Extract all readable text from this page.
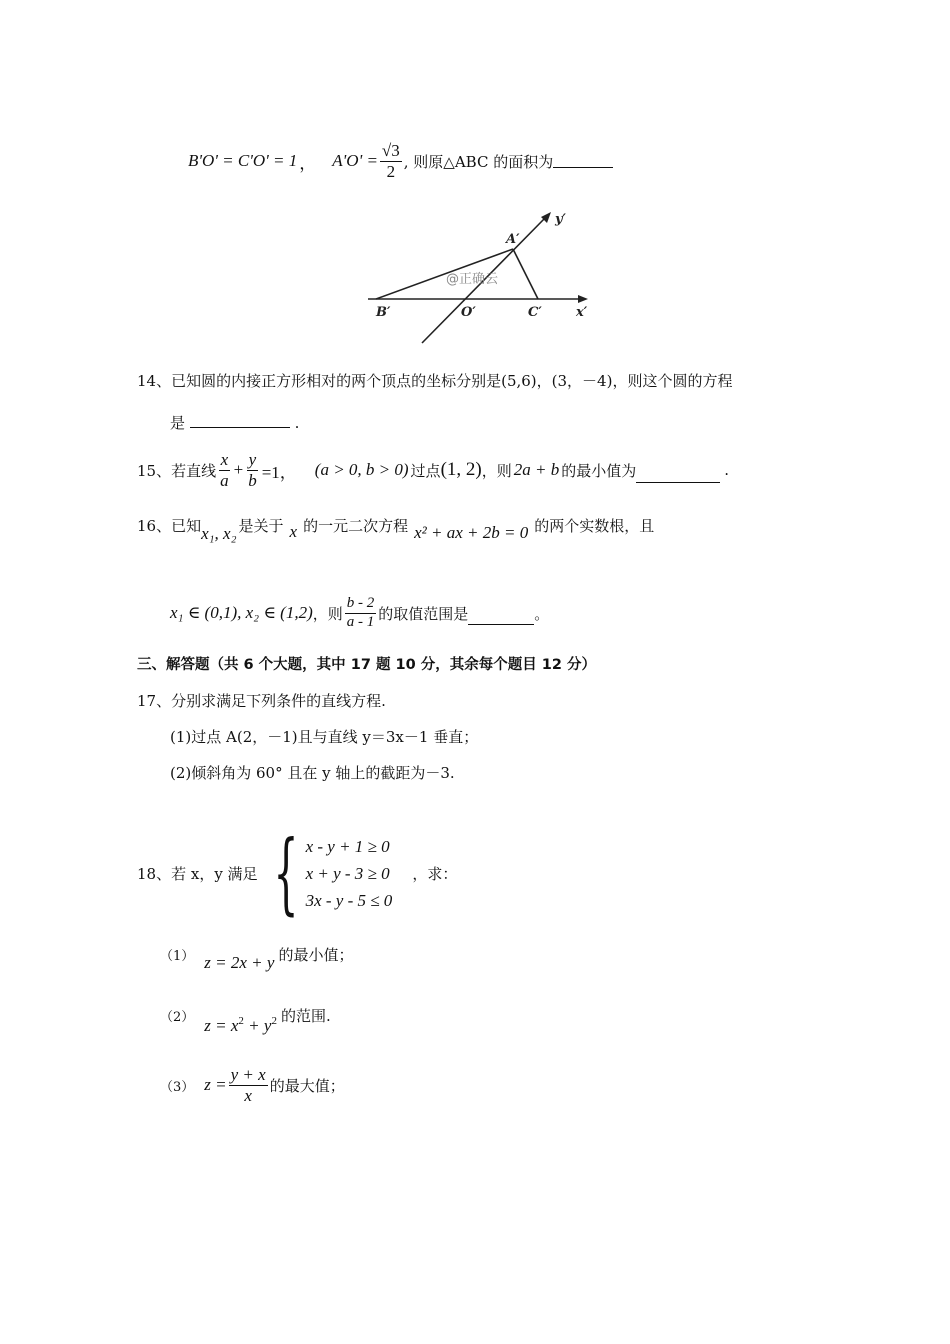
B'O' = C'O' = 1 ， $A'O' = \frac{√3}{2}$ , 则原△ABC 的面积为
y′
A′
B′	O′	C′	x′
@正确云
14、已知圆的内接正方形相对的两个顶点的坐标分别是(5,6)，(3，－4)，则这个圆的方程
是	.
15、若直线 $\frac{x}{a} + \frac{y}{b} =1$， (a > 0, b > 0) 过点 (1, 2) ，则 2a + b 的最小值为	.
16、已知 x₁, x₂ 是关于 x 的一元二次方程 x² + ax + 2b = 0 的两个实数根，且
x₁ ∈ (0,1), x₂ ∈ (1,2) ，则 $\frac{b - 2}{a - 1}$ 的取值范围是	。
三、解答题（共 6 个大题，其中 17 题 10 分，其余每个题目 12 分）
17、分别求满足下列条件的直线方程.
(1)过点 A(2，－1)且与直线 y＝3x－1 垂直；
(2)倾斜角为 60° 且在 y 轴上的截距为－3.
18、若 x，y 满足 { x - y + 1 ≥ 0
x + y - 3 ≥ 0
3x - y - 5 ≤ 0
，求：
（1） z = 2x + y 的最小值；
（2） $z = x^2 + y^2$ 的范围.
（3） $z = \frac{y + x}{x}$ 的最大值；
